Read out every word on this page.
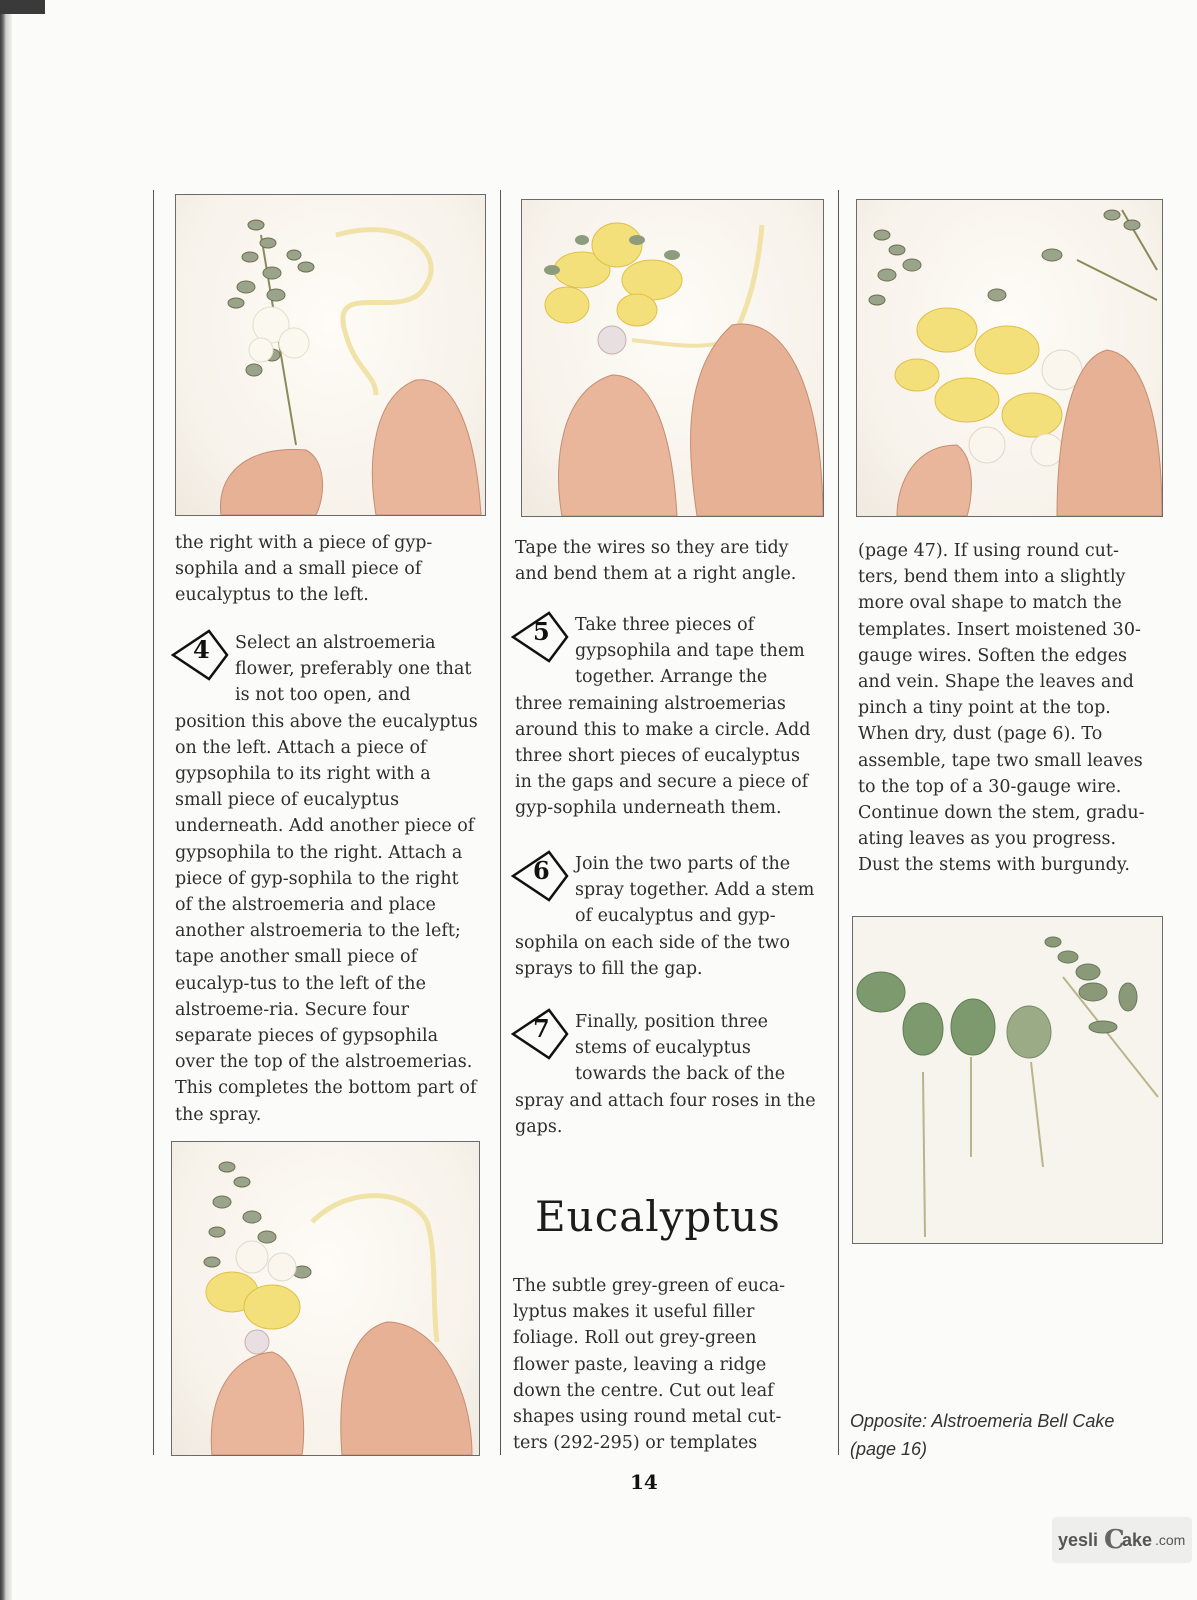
the right with a piece of gyp-sophila and a small piece of eucalyptus to the left.

4 Select an alstroemeria flower, preferably one that is not too open, and position this above the eucalyptus on the left. Attach a piece of gypsophila to its right with a small piece of eucalyptus underneath. Add another piece of gypsophila to the right. Attach a piece of gyp-sophila to the right of the alstroemeria and place another alstroemeria to the left; tape another small piece of eucalyp-tus to the left of the alstroeme-ria. Secure four separate pieces of gypsophila over the top of the alstroemerias. This completes the bottom part of the spray.

Tape the wires so they are tidy and bend them at a right angle.

5 Take three pieces of gypsophila and tape them together. Arrange the three remaining alstroemerias around this to make a circle. Add three short pieces of eucalyptus in the gaps and secure a piece of gyp-sophila underneath them.
6 Join the two parts of the spray together. Add a stem of eucalyptus and gyp-sophila on each side of the two sprays to fill the gap.
7 Finally, position three stems of eucalyptus towards the back of the spray and attach four roses in the gaps.
Eucalyptus

The subtle grey-green of euca-lyptus makes it useful filler foliage. Roll out grey-green flower paste, leaving a ridge down the centre. Cut out leaf shapes using round metal cut-ters (292-295) or templates

(page 47). If using round cut-ters, bend them into a slightly more oval shape to match the templates. Insert moistened 30-gauge wires. Soften the edges and vein. Shape the leaves and pinch a tiny point at the top. When dry, dust (page 6). To assemble, tape two small leaves to the top of a 30-gauge wire. Continue down the stem, gradu-ating leaves as you progress. Dust the stems with burgundy.

Opposite: Alstroemeria Bell Cake (page 16)
14
yesli C
ake .com
